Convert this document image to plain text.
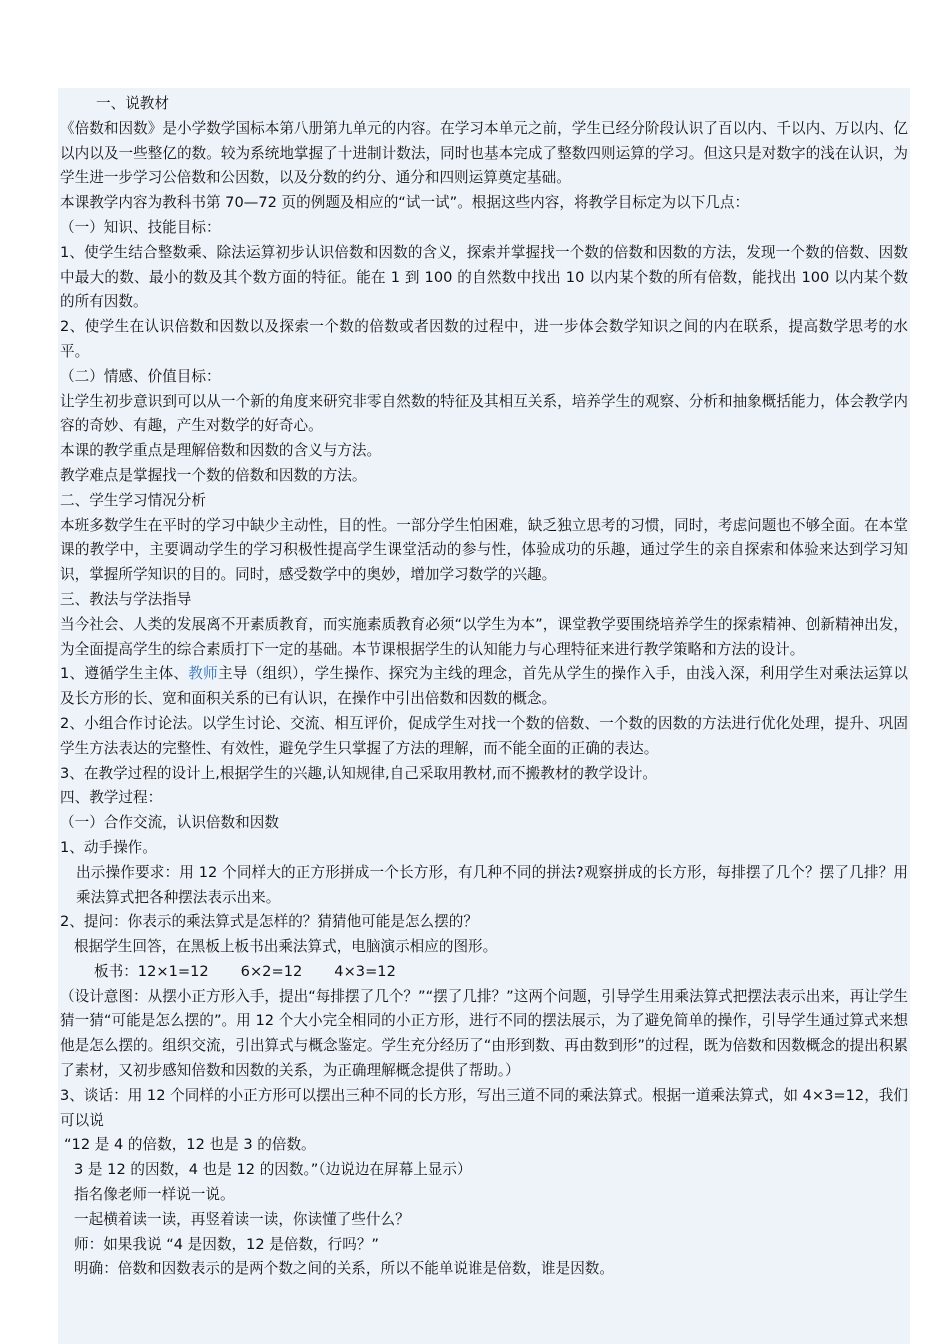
一、说教材

《倍数和因数》是小学数学国标本第八册第九单元的内容。在学习本单元之前，学生已经分阶段认识了百以内、千以内、万以内、亿以内以及一些整亿的数。较为系统地掌握了十进制计数法，同时也基本完成了整数四则运算的学习。但这只是对数字的浅在认识，为学生进一步学习公倍数和公因数，以及分数的约分、通分和四则运算奠定基础。

本课教学内容为教科书第 70—72 页的例题及相应的“试一试”。根据这些内容，将教学目标定为以下几点：

（一）知识、技能目标：

1、使学生结合整数乘、除法运算初步认识倍数和因数的含义，探索并掌握找一个数的倍数和因数的方法，发现一个数的倍数、因数中最大的数、最小的数及其个数方面的特征。能在 1 到 100 的自然数中找出 10 以内某个数的所有倍数，能找出 100 以内某个数的所有因数。

2、使学生在认识倍数和因数以及探索一个数的倍数或者因数的过程中，进一步体会数学知识之间的内在联系，提高数学思考的水平。

（二）情感、价值目标：

让学生初步意识到可以从一个新的角度来研究非零自然数的特征及其相互关系，培养学生的观察、分析和抽象概括能力，体会教学内容的奇妙、有趣，产生对数学的好奇心。

本课的教学重点是理解倍数和因数的含义与方法。

教学难点是掌握找一个数的倍数和因数的方法。

二、学生学习情况分析

本班多数学生在平时的学习中缺少主动性，目的性。一部分学生怕困难，缺乏独立思考的习惯，同时，考虑问题也不够全面。在本堂课的教学中，主要调动学生的学习积极性提高学生课堂活动的参与性，体验成功的乐趣，通过学生的亲自探索和体验来达到学习知识，掌握所学知识的目的。同时，感受数学中的奥妙，增加学习数学的兴趣。

三、教法与学法指导

当今社会、人类的发展离不开素质教育，而实施素质教育必须“以学生为本”，课堂教学要围绕培养学生的探索精神、创新精神出发，为全面提高学生的综合素质打下一定的基础。本节课根据学生的认知能力与心理特征来进行教学策略和方法的设计。

1、遵循学生主体、教师主导（组织），学生操作、探究为主线的理念，首先从学生的操作入手，由浅入深，利用学生对乘法运算以及长方形的长、宽和面积关系的已有认识，在操作中引出倍数和因数的概念。

2、小组合作讨论法。以学生讨论、交流、相互评价，促成学生对找一个数的倍数、一个数的因数的方法进行优化处理，提升、巩固学生方法表达的完整性、有效性，避免学生只掌握了方法的理解，而不能全面的正确的表达。

3、在教学过程的设计上,根据学生的兴趣,认知规律,自己采取用教材,而不搬教材的教学设计。

四、教学过程：

（一）合作交流，认识倍数和因数

1、动手操作。

出示操作要求：用 12 个同样大的正方形拼成一个长方形，有几种不同的拼法?观察拼成的长方形，每排摆了几个？摆了几排？用乘法算式把各种摆法表示出来。

2、提问：你表示的乘法算式是怎样的？猜猜他可能是怎么摆的？

根据学生回答，在黑板上板书出乘法算式，电脑演示相应的图形。

板书：12×1=12 6×2=12 4×3=12

（设计意图：从摆小正方形入手，提出“每排摆了几个？”“摆了几排？”这两个问题，引导学生用乘法算式把摆法表示出来，再让学生猜一猜“可能是怎么摆的”。用 12 个大小完全相同的小正方形，进行不同的摆法展示，为了避免简单的操作，引导学生通过算式来想他是怎么摆的。组织交流，引出算式与概念鉴定。学生充分经历了“由形到数、再由数到形”的过程，既为倍数和因数概念的提出积累了素材，又初步感知倍数和因数的关系，为正确理解概念提供了帮助。）

3、谈话：用 12 个同样的小正方形可以摆出三种不同的长方形，写出三道不同的乘法算式。根据一道乘法算式，如 4×3=12，我们可以说

“12 是 4 的倍数，12 也是 3 的倍数。

3 是 12 的因数，4 也是 12 的因数。”（边说边在屏幕上显示）

指名像老师一样说一说。

一起横着读一读，再竖着读一读，你读懂了些什么？

师：如果我说 “4 是因数，12 是倍数，行吗？”

明确：倍数和因数表示的是两个数之间的关系，所以不能单说谁是倍数，谁是因数。
